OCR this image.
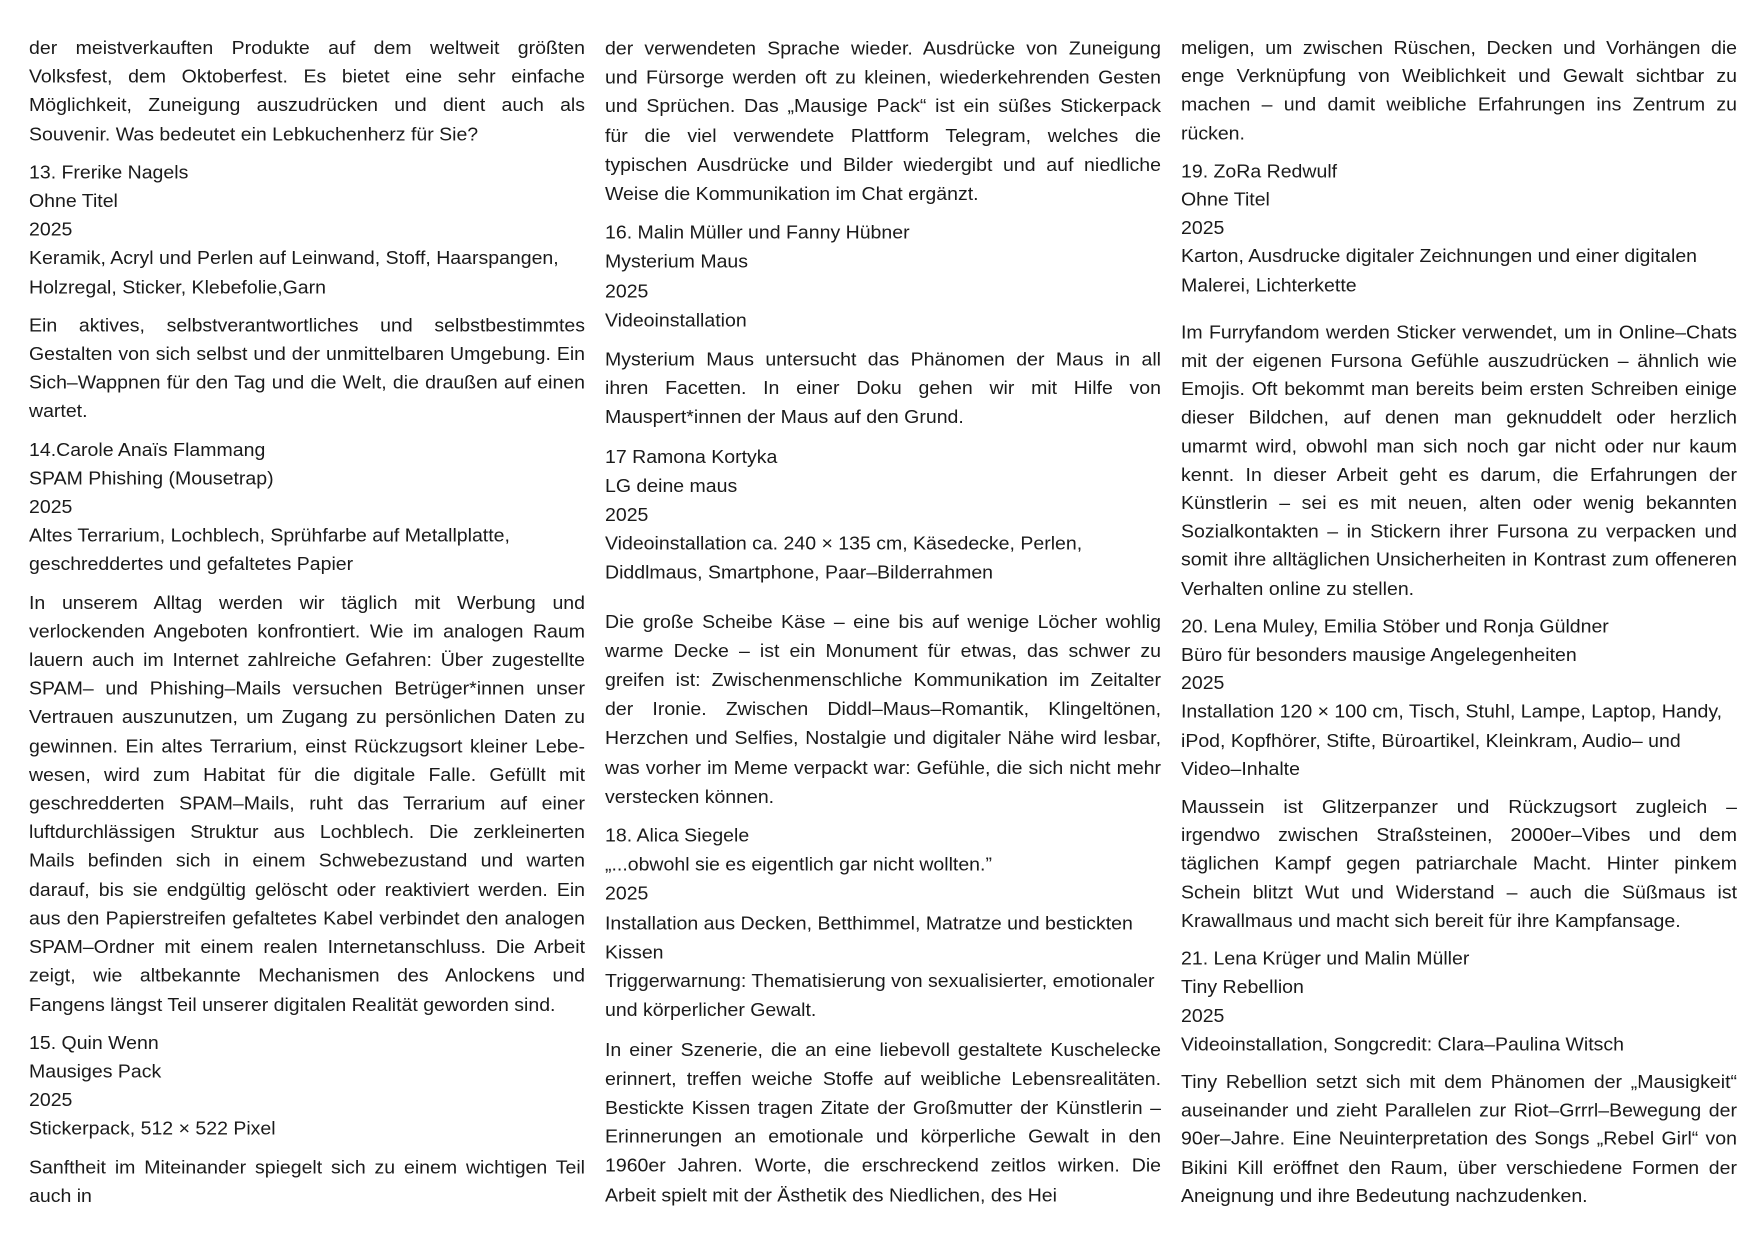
der meistverkauften Produkte auf dem weltweit größten Volksfest, dem Oktoberfest. Es bietet eine sehr einfache Möglichkeit, Zuneigung auszudrücken und dient auch als Souvenir. Was bedeutet ein Lebkuchenherz für Sie?

13. Frerike Nagels
Ohne Titel
2025
Keramik, Acryl und Perlen auf Leinwand, Stoff, Haarspangen, Holzregal, Sticker, Klebefolie,Garn

Ein aktives, selbstverantwortliches und selbstbestimmtes Gestalten von sich selbst und der unmittelbaren Umgebung. Ein Sich–Wappnen für den Tag und die Welt, die draußen auf einen wartet.

14.Carole Anaïs Flammang
SPAM Phishing (Mousetrap)
2025
Altes Terrarium, Lochblech, Sprühfarbe auf Metallplatte, geschreddertes und gefaltetes Papier

In unserem Alltag werden wir täglich mit Werbung und verlockenden Angeboten konfrontiert. Wie im analogen Raum lauern auch im Internet zahlreiche Gefahren: Über zugestellte SPAM– und Phishing–Mails versuchen Betrüger*innen unser Vertrauen auszunutzen, um Zugang zu persönlichen Daten zu gewinnen. Ein altes Terrarium, einst Rückzugsort kleiner Lebewesen, wird zum Habitat für die digitale Falle. Gefüllt mit geschredderten SPAM–Mails, ruht das Terrarium auf einer luftdurchlässigen Struktur aus Lochblech. Die zerkleinerten Mails befinden sich in einem Schwebezustand und warten darauf, bis sie endgültig gelöscht oder reaktiviert werden. Ein aus den Papierstreifen gefaltetes Kabel verbindet den analogen SPAM–Ordner mit einem realen Internetanschluss. Die Arbeit zeigt, wie altbekannte Mechanismen des Anlockens und Fangens längst Teil unserer digitalen Realität geworden sind.

15. Quin Wenn
Mausiges Pack
2025
Stickerpack, 512 × 522 Pixel

Sanftheit im Miteinander spiegelt sich zu einem wichtigen Teil auch in

der verwendeten Sprache wieder. Ausdrücke von Zuneigung und Fürsorge werden oft zu kleinen, wiederkehrenden Gesten und Sprüchen. Das „Mausige Pack“ ist ein süßes Stickerpack für die viel verwendete Plattform Telegram, welches die typischen Ausdrücke und Bilder wiedergibt und auf niedliche Weise die Kommunikation im Chat ergänzt.

16. Malin Müller und Fanny Hübner
Mysterium Maus
2025
Videoinstallation

Mysterium Maus untersucht das Phänomen der Maus in all ihren Facetten. In einer Doku gehen wir mit Hilfe von Mauspert*innen der Maus auf den Grund.

17 Ramona Kortyka
LG deine maus
2025
Videoinstallation ca. 240 × 135 cm, Käsedecke, Perlen, Diddlmaus, Smartphone, Paar–Bilderrahmen

Die große Scheibe Käse – eine bis auf wenige Löcher wohlig warme Decke – ist ein Monument für etwas, das schwer zu greifen ist: Zwischenmenschliche Kommunikation im Zeitalter der Ironie. Zwischen Diddl–Maus–Romantik, Klingeltönen, Herzchen und Selfies, Nostalgie und digitaler Nähe wird lesbar, was vorher im Meme verpackt war: Gefühle, die sich nicht mehr verstecken können.

18. Alica Siegele
„...obwohl sie es eigentlich gar nicht wollten.”
2025
Installation aus Decken, Betthimmel, Matratze und bestickten Kissen
Triggerwarnung: Thematisierung von sexualisierter, emotionaler und körperlicher Gewalt.

In einer Szenerie, die an eine liebevoll gestaltete Kuschelecke erinnert, treffen weiche Stoffe auf weibliche Lebensrealitäten. Bestickte Kissen tragen Zitate der Großmutter der Künstlerin – Erinnerungen an emotionale und körperliche Gewalt in den 1960er Jahren. Worte, die erschreckend zeitlos wirken. Die Arbeit spielt mit der Ästhetik des Niedlichen, des Hei

meligen, um zwischen Rüschen, Decken und Vorhängen die enge Verknüpfung von Weiblichkeit und Gewalt sichtbar zu machen – und damit weibliche Erfahrungen ins Zentrum zu rücken.

19. ZoRa Redwulf
Ohne Titel
2025
Karton, Ausdrucke digitaler Zeichnungen und einer digitalen Malerei, Lichterkette

Im Furryfandom werden Sticker verwendet, um in Online–Chats mit der eigenen Fursona Gefühle auszudrücken – ähnlich wie Emojis. Oft bekommt man bereits beim ersten Schreiben einige dieser Bildchen, auf denen man geknuddelt oder herzlich umarmt wird, obwohl man sich noch gar nicht oder nur kaum kennt. In dieser Arbeit geht es darum, die Erfahrungen der Künstlerin – sei es mit neuen, alten oder wenig bekannten Sozialkontakten – in Stickern ihrer Fursona zu verpacken und somit ihre alltäglichen Unsicherheiten in Kontrast zum offeneren Verhalten online zu stellen.

20. Lena Muley, Emilia Stöber und Ronja Güldner
Büro für besonders mausige Angelegenheiten
2025
Installation 120 × 100 cm, Tisch, Stuhl, Lampe, Laptop, Handy, iPod, Kopfhörer, Stifte, Büroartikel, Kleinkram, Audio– und Video–Inhalte

Maussein ist Glitzerpanzer und Rückzugsort zugleich – irgendwo zwischen Straßsteinen, 2000er–Vibes und dem täglichen Kampf gegen patriarchale Macht. Hinter pinkem Schein blitzt Wut und Widerstand – auch die Süßmaus ist Krawallmaus und macht sich bereit für ihre Kampfansage.

21. Lena Krüger und Malin Müller
Tiny Rebellion
2025
Videoinstallation, Songcredit: Clara–Paulina Witsch

Tiny Rebellion setzt sich mit dem Phänomen der „Mausigkeit“ auseinander und zieht Parallelen zur Riot–Grrrl–Bewegung der 90er–Jahre. Eine Neuinterpretation des Songs „Rebel Girl“ von Bikini Kill eröffnet den Raum, über verschiedene Formen der Aneignung und ihre Bedeutung nachzudenken.
